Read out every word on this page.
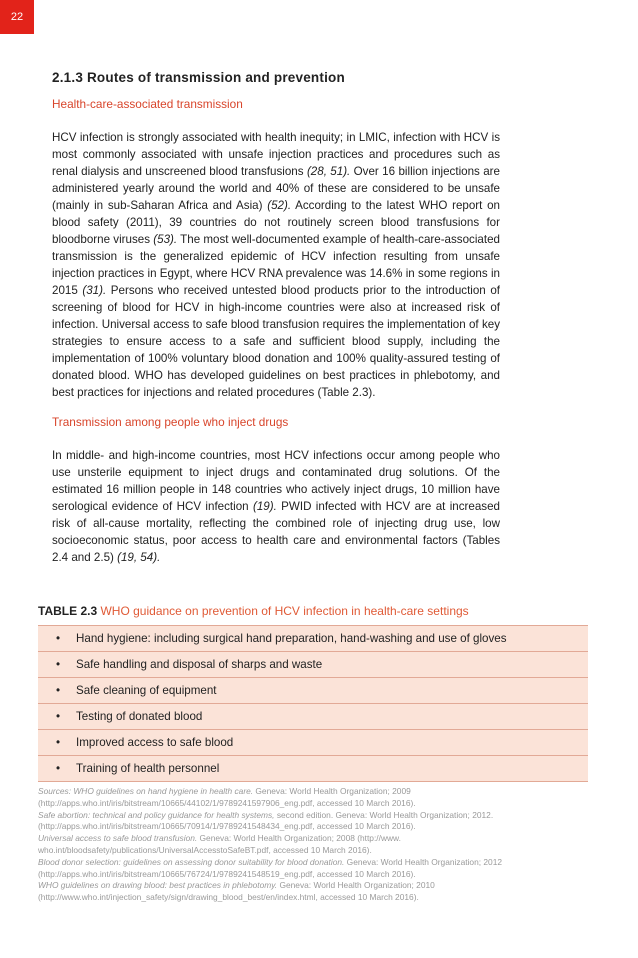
22
2.1.3 Routes of transmission and prevention
Health-care-associated transmission

HCV infection is strongly associated with health inequity; in LMIC, infection with HCV is most commonly associated with unsafe injection practices and procedures such as renal dialysis and unscreened blood transfusions (28, 51). Over 16 billion injections are administered yearly around the world and 40% of these are considered to be unsafe (mainly in sub-Saharan Africa and Asia) (52). According to the latest WHO report on blood safety (2011), 39 countries do not routinely screen blood transfusions for bloodborne viruses (53). The most well-documented example of health-care-associated transmission is the generalized epidemic of HCV infection resulting from unsafe injection practices in Egypt, where HCV RNA prevalence was 14.6% in some regions in 2015 (31). Persons who received untested blood products prior to the introduction of screening of blood for HCV in high-income countries were also at increased risk of infection. Universal access to safe blood transfusion requires the implementation of key strategies to ensure access to a safe and sufficient blood supply, including the implementation of 100% voluntary blood donation and 100% quality-assured testing of donated blood. WHO has developed guidelines on best practices in phlebotomy, and best practices for injections and related procedures (Table 2.3).

Transmission among people who inject drugs

In middle- and high-income countries, most HCV infections occur among people who use unsterile equipment to inject drugs and contaminated drug solutions. Of the estimated 16 million people in 148 countries who actively inject drugs, 10 million have serological evidence of HCV infection (19). PWID infected with HCV are at increased risk of all-cause mortality, reflecting the combined role of injecting drug use, low socioeconomic status, poor access to health care and environmental factors (Tables 2.4 and 2.5) (19, 54).

TABLE 2.3 WHO guidance on prevention of HCV infection in health-care settings
•	Hand hygiene: including surgical hand preparation, hand-washing and use of gloves
•	Safe handling and disposal of sharps and waste
•	Safe cleaning of equipment
•	Testing of donated blood
•	Improved access to safe blood
•	Training of health personnel

Sources: WHO guidelines on hand hygiene in health care. Geneva: World Health Organization; 2009 (http://apps.who.int/iris/bitstream/10665/44102/1/9789241597906_eng.pdf, accessed 10 March 2016).

Safe abortion: technical and policy guidance for health systems, second edition. Geneva: World Health Organization; 2012. (http://apps.who.int/iris/bitstream/10665/70914/1/9789241548434_eng.pdf, accessed 10 March 2016).

Universal access to safe blood transfusion. Geneva: World Health Organization; 2008 (http://www. who.int/bloodsafety/publications/UniversalAccesstoSafeBT.pdf, accessed 10 March 2016).

Blood donor selection: guidelines on assessing donor suitability for blood donation. Geneva: World Health Organization; 2012 (http://apps.who.int/iris/bitstream/10665/76724/1/9789241548519_eng.pdf, accessed 10 March 2016).

WHO guidelines on drawing blood: best practices in phlebotomy. Geneva: World Health Organization; 2010 (http://www.who.int/injection_safety/sign/drawing_blood_best/en/index.html, accessed 10 March 2016).
